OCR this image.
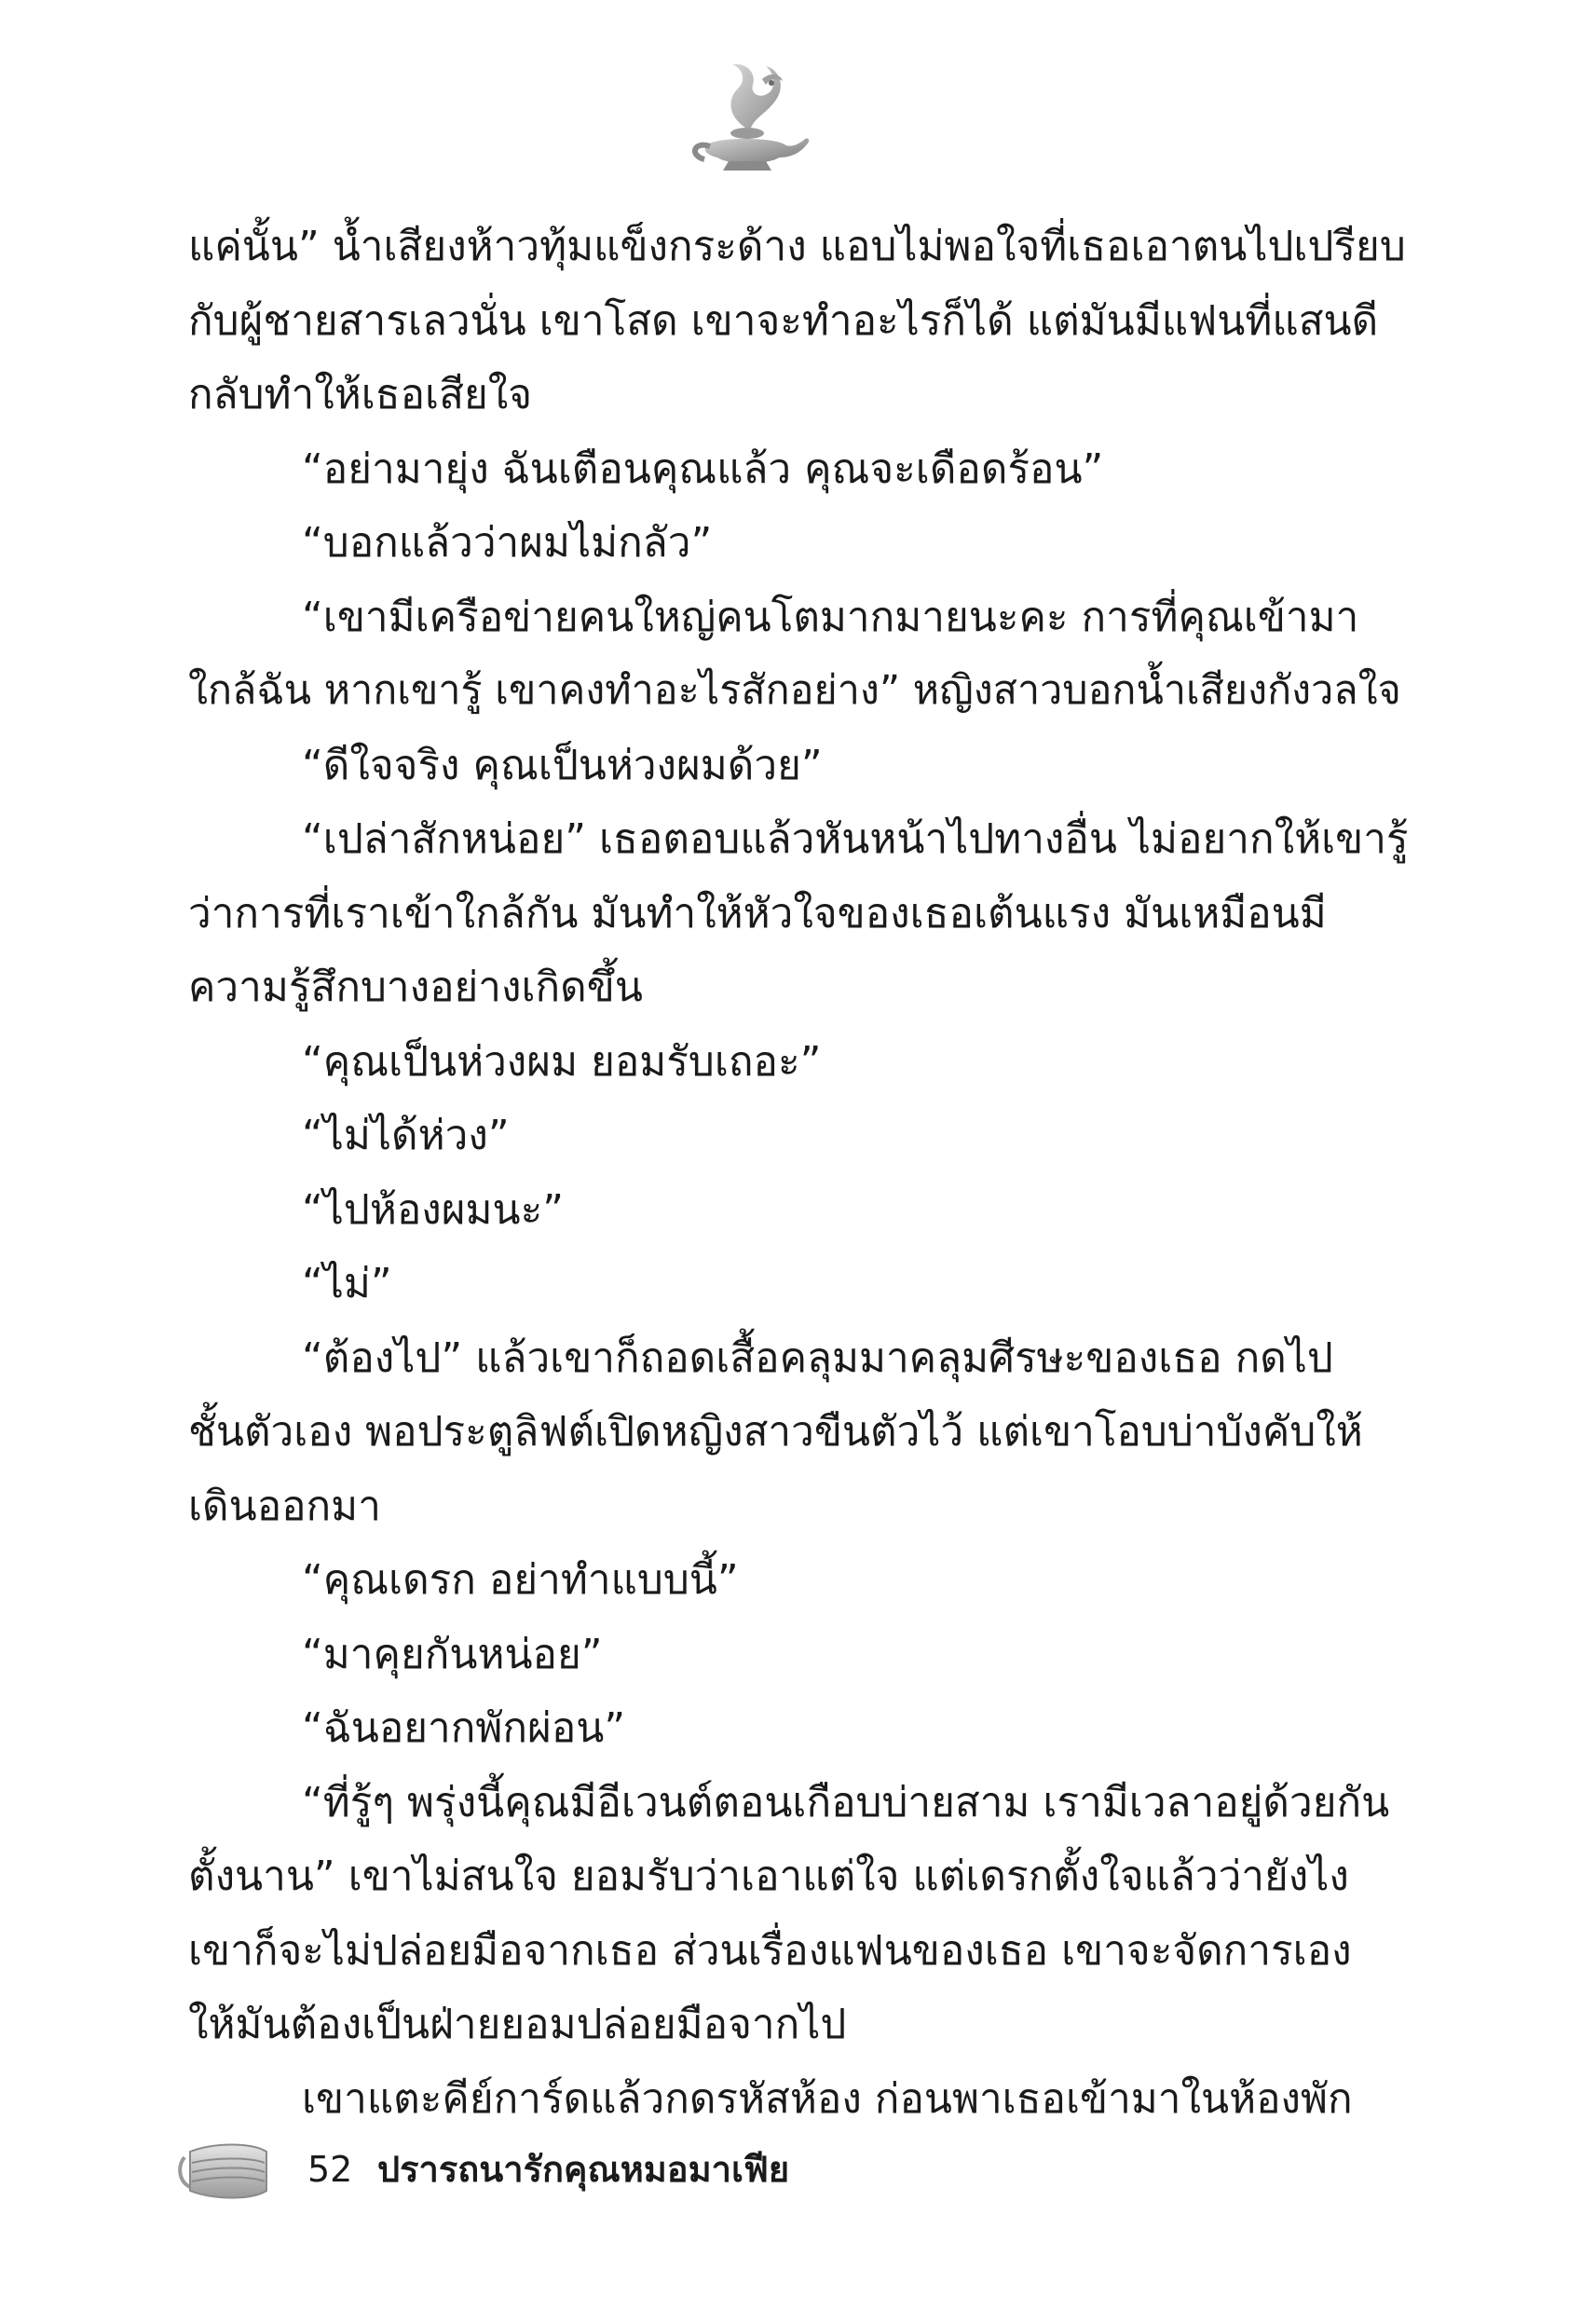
แค่นั้น” น้ำเสียงห้าวทุ้มแข็งกระด้าง แอบไม่พอใจที่เธอเอาตนไปเปรียบ
กับผู้ชายสารเลวนั่น เขาโสด เขาจะทำอะไรก็ได้ แต่มันมีแฟนที่แสนดี
กลับทำให้เธอเสียใจ
“อย่ามายุ่ง ฉันเตือนคุณแล้ว คุณจะเดือดร้อน”
“บอกแล้วว่าผมไม่กลัว”
“เขามีเครือข่ายคนใหญ่คนโตมากมายนะคะ การที่คุณเข้ามา
ใกล้ฉัน หากเขารู้ เขาคงทำอะไรสักอย่าง” หญิงสาวบอกน้ำเสียงกังวลใจ
“ดีใจจริง คุณเป็นห่วงผมด้วย”
“เปล่าสักหน่อย” เธอตอบแล้วหันหน้าไปทางอื่น ไม่อยากให้เขารู้
ว่าการที่เราเข้าใกล้กัน มันทำให้หัวใจของเธอเต้นแรง มันเหมือนมี
ความรู้สึกบางอย่างเกิดขึ้น
“คุณเป็นห่วงผม ยอมรับเถอะ”
“ไม่ได้ห่วง”
“ไปห้องผมนะ”
“ไม่”
“ต้องไป” แล้วเขาก็ถอดเสื้อคลุมมาคลุมศีรษะของเธอ กดไป
ชั้นตัวเอง พอประตูลิฟต์เปิดหญิงสาวขืนตัวไว้ แต่เขาโอบบ่าบังคับให้
เดินออกมา
“คุณเดรก อย่าทำแบบนี้”
“มาคุยกันหน่อย”
“ฉันอยากพักผ่อน”
“ที่รู้ๆ พรุ่งนี้คุณมีอีเวนต์ตอนเกือบบ่ายสาม เรามีเวลาอยู่ด้วยกัน
ตั้งนาน” เขาไม่สนใจ ยอมรับว่าเอาแต่ใจ แต่เดรกตั้งใจแล้วว่ายังไง
เขาก็จะไม่ปล่อยมือจากเธอ ส่วนเรื่องแฟนของเธอ เขาจะจัดการเอง
ให้มันต้องเป็นฝ่ายยอมปล่อยมือจากไป
เขาแตะคีย์การ์ดแล้วกดรหัสห้อง ก่อนพาเธอเข้ามาในห้องพัก
52 ปรารถนารักคุณหมอมาเฟีย
